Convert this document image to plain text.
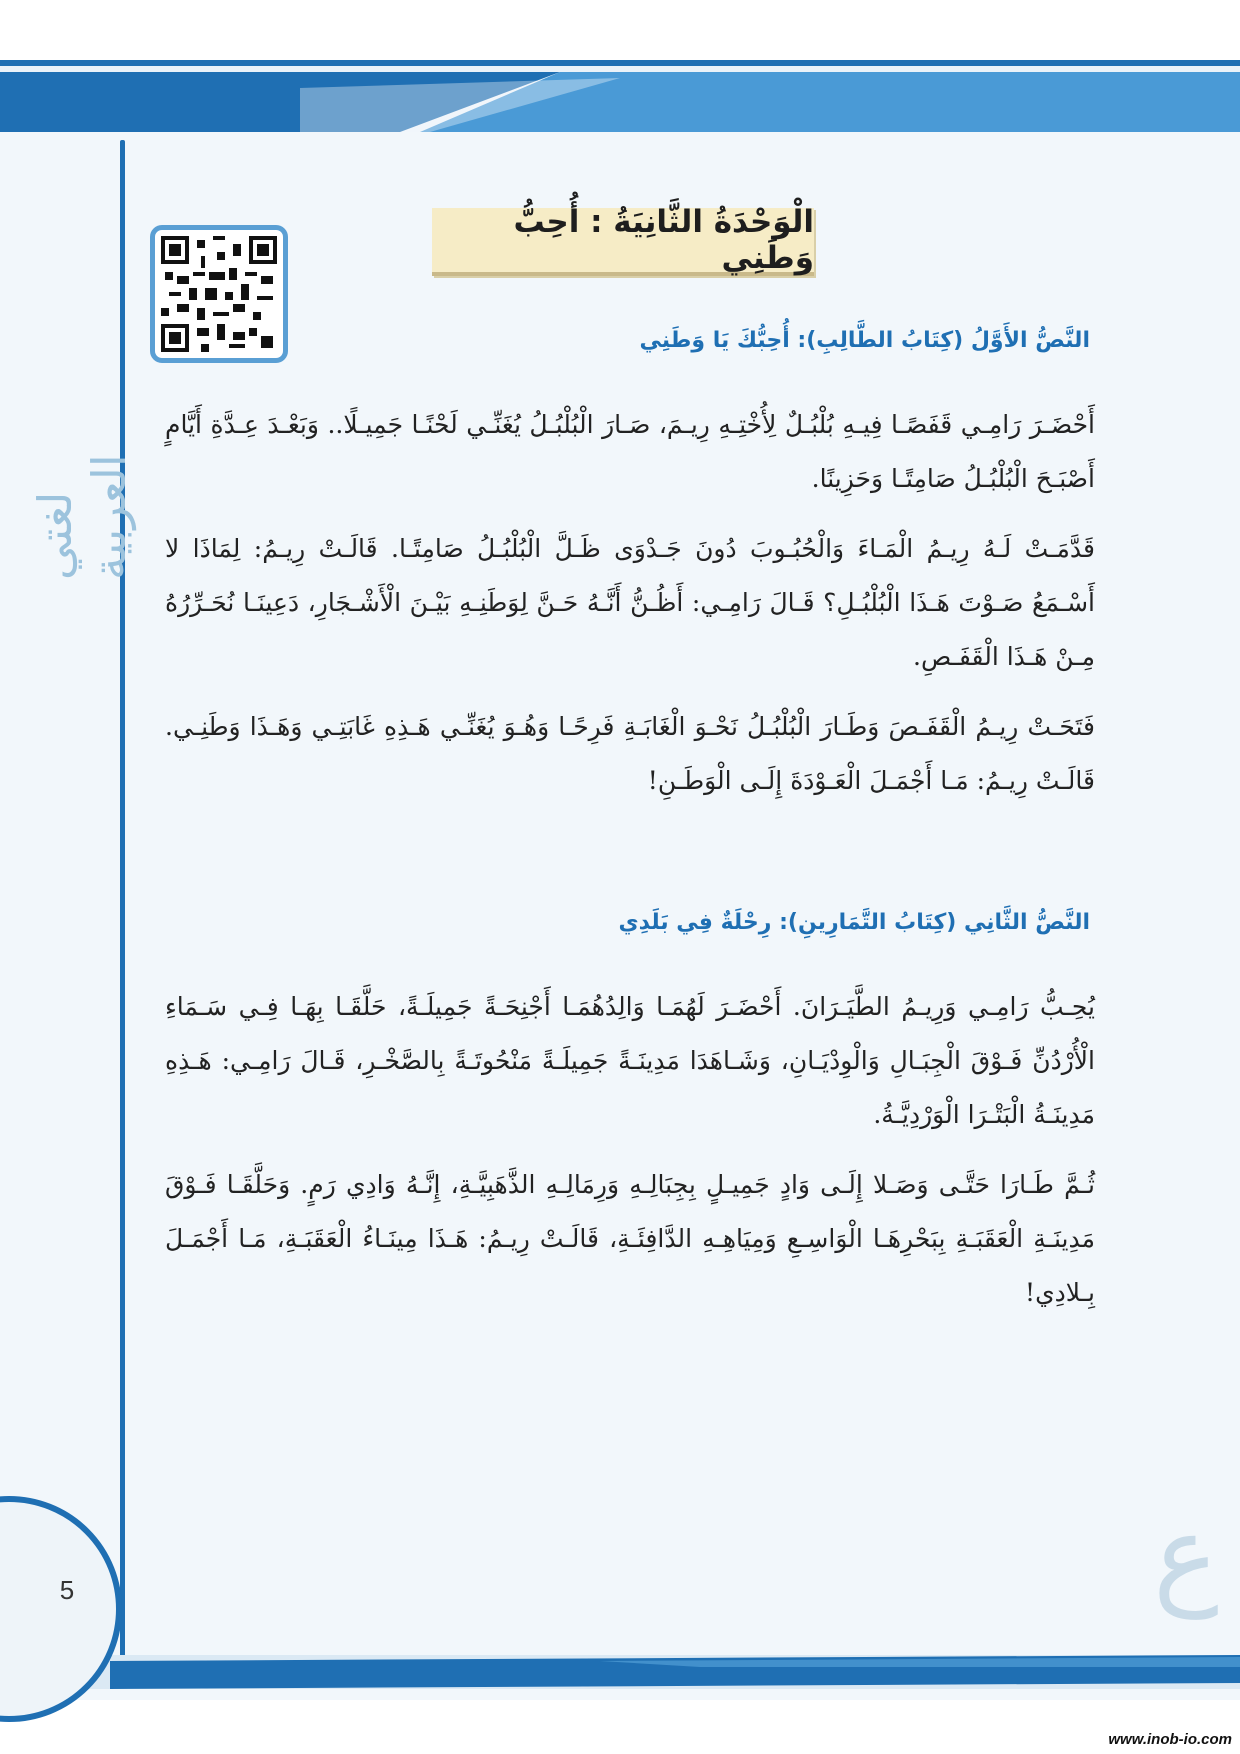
لغتي العربية
الْوَحْدَةُ الثَّانِيَةُ : أُحِبُّ وَطَنِي
النَّصُّ الأَوَّلُ (كِتَابُ الطَّالِبِ): أُحِبُّكَ يَا وَطَنِي

أَحْضَـرَ رَامِـي قَفَصًـا فِيـهِ بُلْبُـلٌ لِأُخْتِـهِ رِيـمَ، صَـارَ الْبُلْبُـلُ يُغَنِّـي لَحْنًـا جَمِيـلًا.. وَبَعْـدَ عِـدَّةِ أَيَّامٍ أَصْبَـحَ الْبُلْبُـلُ صَامِتًـا وَحَزِينًا.

قَدَّمَـتْ لَـهُ رِيـمُ الْمَـاءَ وَالْحُبُـوبَ دُونَ جَـدْوَى ظَـلَّ الْبُلْبُـلُ صَامِتًـا. قَالَـتْ رِيـمُ: لِمَاذَا لا أَسْـمَعُ صَـوْتَ هَـذَا الْبُلْبُـلِ؟ قَـالَ رَامِـي: أَظُـنُّ أَنَّـهُ حَـنَّ لِوَطَنِـهِ بَيْـنَ الْأَشْـجَارِ، دَعِينَـا نُحَـرِّرُهُ مِـنْ هَـذَا الْقَفَـصِ.

فَتَحَـتْ رِيـمُ الْقَفَـصَ وَطَـارَ الْبُلْبُـلُ نَحْـوَ الْغَابَـةِ فَرِحًـا وَهُـوَ يُغَنِّـي هَـذِهِ غَابَتِـي وَهَـذَا وَطَنِـي. قَالَـتْ رِيـمُ: مَـا أَجْمَـلَ الْعَـوْدَةَ إِلَـى الْوَطَـنِ!

النَّصُّ الثَّانِي (كِتَابُ التَّمَارِينِ): رِحْلَةٌ فِي بَلَدِي

يُحِـبُّ رَامِـي وَرِيـمُ الطَّيَـرَانَ. أَحْضَـرَ لَهُمَـا وَالِدُهُمَـا أَجْنِحَـةً جَمِيلَـةً، حَلَّقَـا بِهَـا فِـي سَـمَاءِ الْأُرْدُنِّ فَـوْقَ الْجِبَـالِ وَالْوِدْيَـانِ، وَشَـاهَدَا مَدِينَـةً جَمِيلَـةً مَنْحُوتَـةً بِالصَّخْـرِ، قَـالَ رَامِـي: هَـذِهِ مَدِينَـةُ الْبَتْـرَا الْوَرْدِيَّـةُ.

ثُـمَّ طَـارَا حَتَّـى وَصَـلا إِلَـى وَادٍ جَمِيـلٍ بِجِبَالِـهِ وَرِمَالِـهِ الذَّهَبِيَّـةِ، إِنَّـهُ وَادِي رَمٍ. وَحَلَّقَـا فَـوْقَ مَدِينَـةِ الْعَقَبَـةِ بِبَحْرِهَـا الْوَاسِـعِ وَمِيَاهِـهِ الدَّافِئَـةِ، قَالَـتْ رِيـمُ: هَـذَا مِينَـاءُ الْعَقَبَـةِ، مَـا أَجْمَـلَ بِـلادِي!

ع
5
www.inob-io.com
